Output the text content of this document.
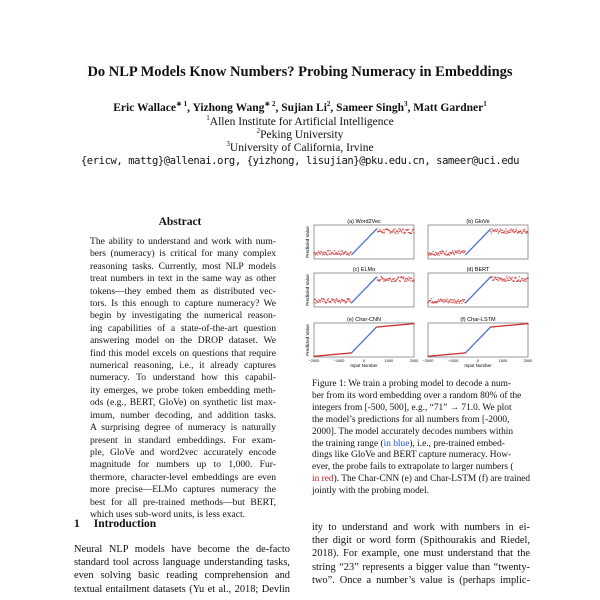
Do NLP Models Know Numbers? Probing Numeracy in Embeddings
Eric Wallace$^{∗ 1}$, Yizhong Wang$^{∗ 2}$, Sujian Li$^2$, Sameer Singh$^3$, Matt Gardner$^1$
$^1$Allen Institute for Artificial Intelligence
$^2$Peking University
$^3$University of California, Irvine
{ericw, mattg}@allenai.org, {yizhong, lisujian}@pku.edu.cn, sameer@uci.edu
Abstract
The ability to understand and work with num-
bers (numeracy) is critical for many complex
reasoning tasks. Currently, most NLP models
treat numbers in text in the same way as other
tokens—they embed them as distributed vec-
tors. Is this enough to capture numeracy? We
begin by investigating the numerical reason-
ing capabilities of a state-of-the-art question
answering model on the DROP dataset. We
find this model excels on questions that require
numerical reasoning, i.e., it already captures
numeracy. To understand how this capabil-
ity emerges, we probe token embedding meth-
ods (e.g., BERT, GloVe) on synthetic list max-
imum, number decoding, and addition tasks.
A surprising degree of numeracy is naturally
present in standard embeddings. For exam-
ple, GloVe and word2vec accurately encode
magnitude for numbers up to 1,000. Fur-
thermore, character-level embeddings are even
more precise—ELMo captures numeracy the
best for all pre-trained methods—but BERT,
which uses sub-word units, is less exact.
1 Introduction
Neural NLP models have become the de-facto
standard tool across language understanding tasks,
even solving basic reading comprehension and
textual entailment datasets (Yu et al., 2018; Devlin
(a) Word2Vec
Predicted Value
(b) GloVe
(c) ELMo
Predicted Value
(d) BERT
(e) Char-CNN
Predicted Value
−2000	−1000	0	1000	2000
Input Number
(f) Char-LSTM
−2000	−1000	0	1000	2000
Input Number
Figure 1: We train a probing model to decode a num-
ber from its word embedding over a random 80% of the
integers from [-500, 500], e.g., “71” → 71.0. We plot
the model’s predictions for all numbers from [-2000,
2000]. The model accurately decodes numbers within
the training range (in blue), i.e., pre-trained embed-
dings like GloVe and BERT capture numeracy. How-
ever, the probe fails to extrapolate to larger numbers (
in red). The Char-CNN (e) and Char-LSTM (f) are trained
jointly with the probing model.
ity to understand and work with numbers in ei-
ther digit or word form (Spithourakis and Riedel,
2018). For example, one must understand that the
string “23” represents a bigger value than “twenty-
two”. Once a number’s value is (perhaps implic-
